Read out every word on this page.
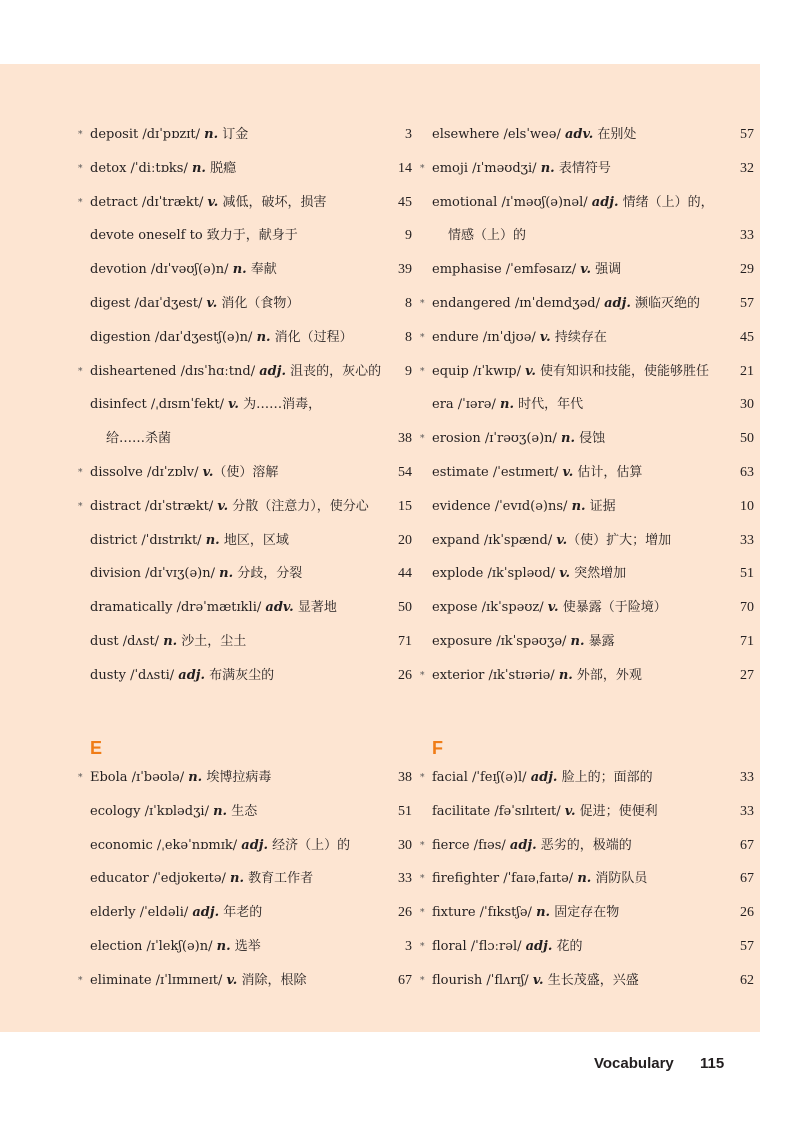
* deposit /dɪˈpɒzɪt/ n. 订金	3
* detox /ˈdiːtɒks/ n. 脱瘾	14
* detract /dɪˈtrækt/ v. 减低，破坏，损害	45
devote oneself to 致力于，献身于	9
devotion /dɪˈvəʊʃ(ə)n/ n. 奉献	39
digest /daɪˈdʒest/ v. 消化（食物）	8
digestion /daɪˈdʒestʃ(ə)n/ n. 消化（过程）	8
* disheartened /dɪsˈhɑːtnd/ adj. 沮丧的，灰心的 9
disinfect /ˌdɪsɪnˈfekt/ v. 为……消毒，
给……杀菌	38
* dissolve /dɪˈzɒlv/ v.（使）溶解	54
* distract /dɪˈstrækt/ v. 分散（注意力），使分心 15
district /ˈdɪstrɪkt/ n. 地区，区域	20
division /dɪˈvɪʒ(ə)n/ n. 分歧，分裂	44
dramatically /drəˈmætɪkli/ adv. 显著地	50
dust /dʌst/ n. 沙土，尘土	71
dusty /ˈdʌsti/ adj. 布满灰尘的	26
elsewhere /elsˈweə/ adv. 在别处	57
* emoji /ɪˈməʊdʒi/ n. 表情符号	32
emotional /ɪˈməʊʃ(ə)nəl/ adj. 情绪（上）的，
情感（上）的	33
emphasise /ˈemfəsaɪz/ v. 强调	29
* endangered /ɪnˈdeɪndʒəd/ adj. 濒临灭绝的	57
* endure /ɪnˈdjʊə/ v. 持续存在	45
* equip /ɪˈkwɪp/ v. 使有知识和技能，使能够胜任 21
era /ˈɪərə/ n. 时代，年代	30
* erosion /ɪˈrəʊʒ(ə)n/ n. 侵蚀	50
estimate /ˈestɪmeɪt/ v. 估计，估算	63
evidence /ˈevɪd(ə)ns/ n. 证据	10
expand /ɪkˈspænd/ v.（使）扩大；增加	33
explode /ɪkˈspləʊd/ v. 突然增加	51
expose /ɪkˈspəʊz/ v. 使暴露（于险境）	70
exposure /ɪkˈspəʊʒə/ n. 暴露	71
* exterior /ɪkˈstɪəriə/ n. 外部，外观	27
E	F
* Ebola /ɪˈbəʊlə/ n. 埃博拉病毒	38
ecology /ɪˈkɒlədʒi/ n. 生态	51
economic /ˌekəˈnɒmɪk/ adj. 经济（上）的	30
educator /ˈedjʊkeɪtə/ n. 教育工作者	33
elderly /ˈeldəli/ adj. 年老的	26
election /ɪˈlekʃ(ə)n/ n. 选举	3
* eliminate /ɪˈlɪmɪneɪt/ v. 消除，根除	67
* facial /ˈfeɪʃ(ə)l/ adj. 脸上的；面部的	33
facilitate /fəˈsɪlɪteɪt/ v. 促进；使便利	33
* fierce /fɪəs/ adj. 恶劣的，极端的	67
* firefighter /ˈfaɪəˌfaɪtə/ n. 消防队员	67
* fixture /ˈfɪkstʃə/ n. 固定存在物	26
* floral /ˈflɔːrəl/ adj. 花的	57
* flourish /ˈflʌrɪʃ/ v. 生长茂盛，兴盛	62
Vocabulary 115
